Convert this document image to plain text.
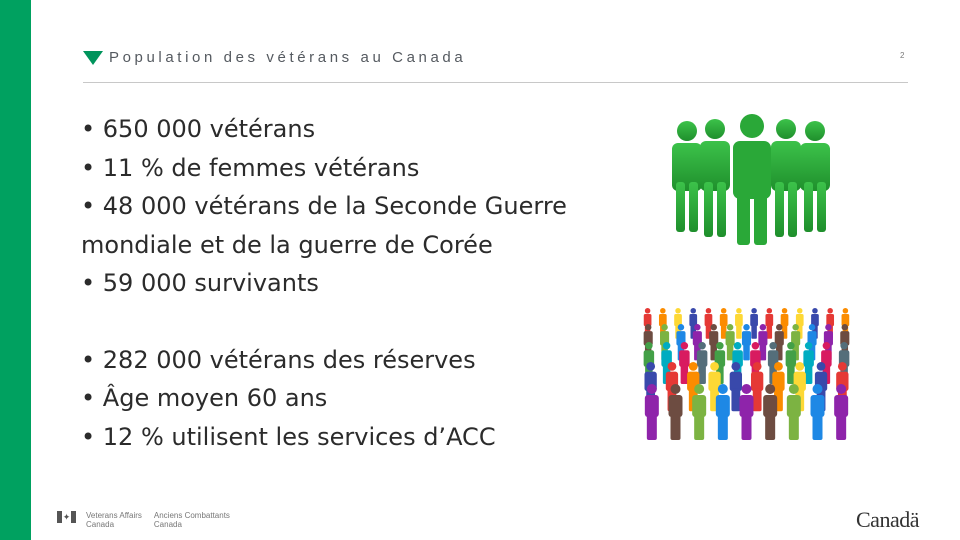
Population des vétérans au Canada	2

• 650 000 vétérans

• 11 % de femmes vétérans

• 48 000 vétérans de la Seconde Guerre mondiale et de la guerre de Corée

• 59 000 survivants

• 282 000 vétérans des réserves

• Âge moyen 60 ans

• 12 % utilisent les services d’ACC

✦ Veterans Affairs
Canada
Anciens Combattants
Canada	Canadä
